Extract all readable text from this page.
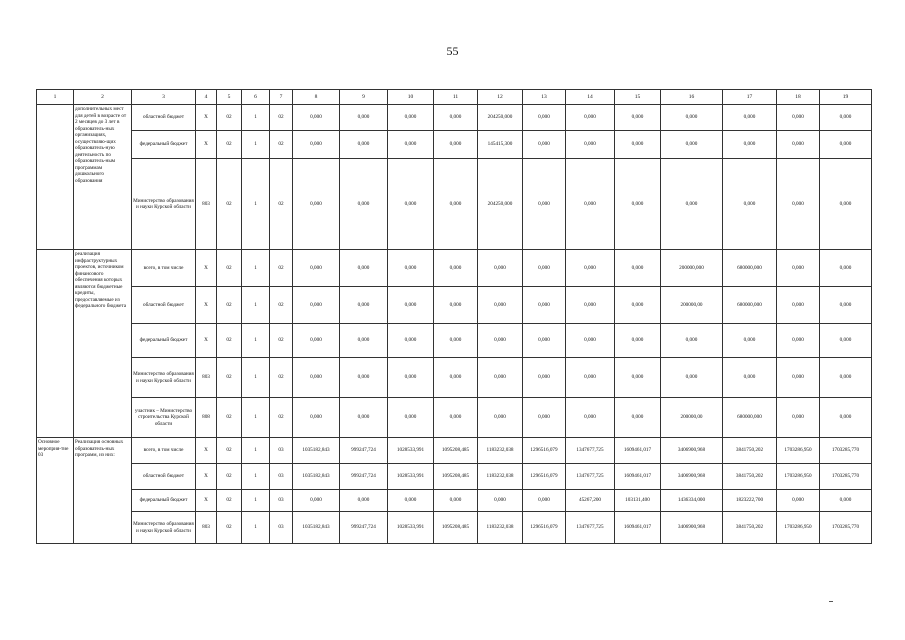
55
1	2	3	4	5	6	7	8	9	10	11	12	13	14	15	16	17	18	19
	дополнительных мест для детей в возрасте от 2 месяцев до 3 лет в образователь-ных организациях, осуществляю-щих образователь-ную деятельность по образователь-ным программам дошкольного образования	областной бюджет	X	02	1	02	0,000	0,000	0,000	0,000	204250,000	0,000	0,000	0,000	0,000	0,000	0,000	0,000
		федеральный бюджет	X	02	1	02	0,000	0,000	0,000	0,000	145415,300	0,000	0,000	0,000	0,000	0,000	0,000	0,000
		Министерство образования и науки Курской области	803	02	1	02	0,000	0,000	0,000	0,000	204250,000	0,000	0,000	0,000	0,000	0,000	0,000	0,000
	реализация инфраструктурных проектов, источником финансового обеспечения которых являются бюджетные кредиты, предоставляемые из федерального бюджета	всего, в том числе	X	02	1	02	0,000	0,000	0,000	0,000	0,000	0,000	0,000	0,000	200000,000	680000,000	0,000	0,000
		областной бюджет	X	02	1	02	0,000	0,000	0,000	0,000	0,000	0,000	0,000	0,000	200000,00	680000,000	0,000	0,000
		федеральный бюджет	X	02	1	02	0,000	0,000	0,000	0,000	0,000	0,000	0,000	0,000	0,000	0,000	0,000	0,000
		Министерство образования и науки Курской области	803	02	1	02	0,000	0,000	0,000	0,000	0,000	0,000	0,000	0,000	0,000	0,000	0,000	0,000
		участник – Министерство строительства Курской области	808	02	1	02	0,000	0,000	0,000	0,000	0,000	0,000	0,000	0,000	200000,00	680000,000	0,000	0,000
Основное мероприя-тие 03	Реализация основных образователь-ных программ, из них:	всего, в том числе	X	02	1	03	1035182,843	999247,724	1028533,991	1095208,485	1183232,038	1296516,079	1347677,725	1609461,017	3406900,968	3841750,202	1703286,950	1703285,770
		областной бюджет	X	02	1	03	1035182,843	999247,724	1028533,991	1095208,485	1183232,038	1296516,079	1347677,725	1609461,017	3406900,968	3841750,202	1703286,950	1703285,770
		федеральный бюджет	X	02	1	03	0,000	0,000	0,000	0,000	0,000	0,000	45267,200	103131,400	1436334,000	1823222,700	0,000	0,000
		Министерство образования и науки Курской области	803	02	1	03	1035182,843	999247,724	1028533,991	1095208,485	1183232,038	1296516,079	1347677,725	1609461,017	3406900,968	3841750,202	1703286,950	1703285,770
